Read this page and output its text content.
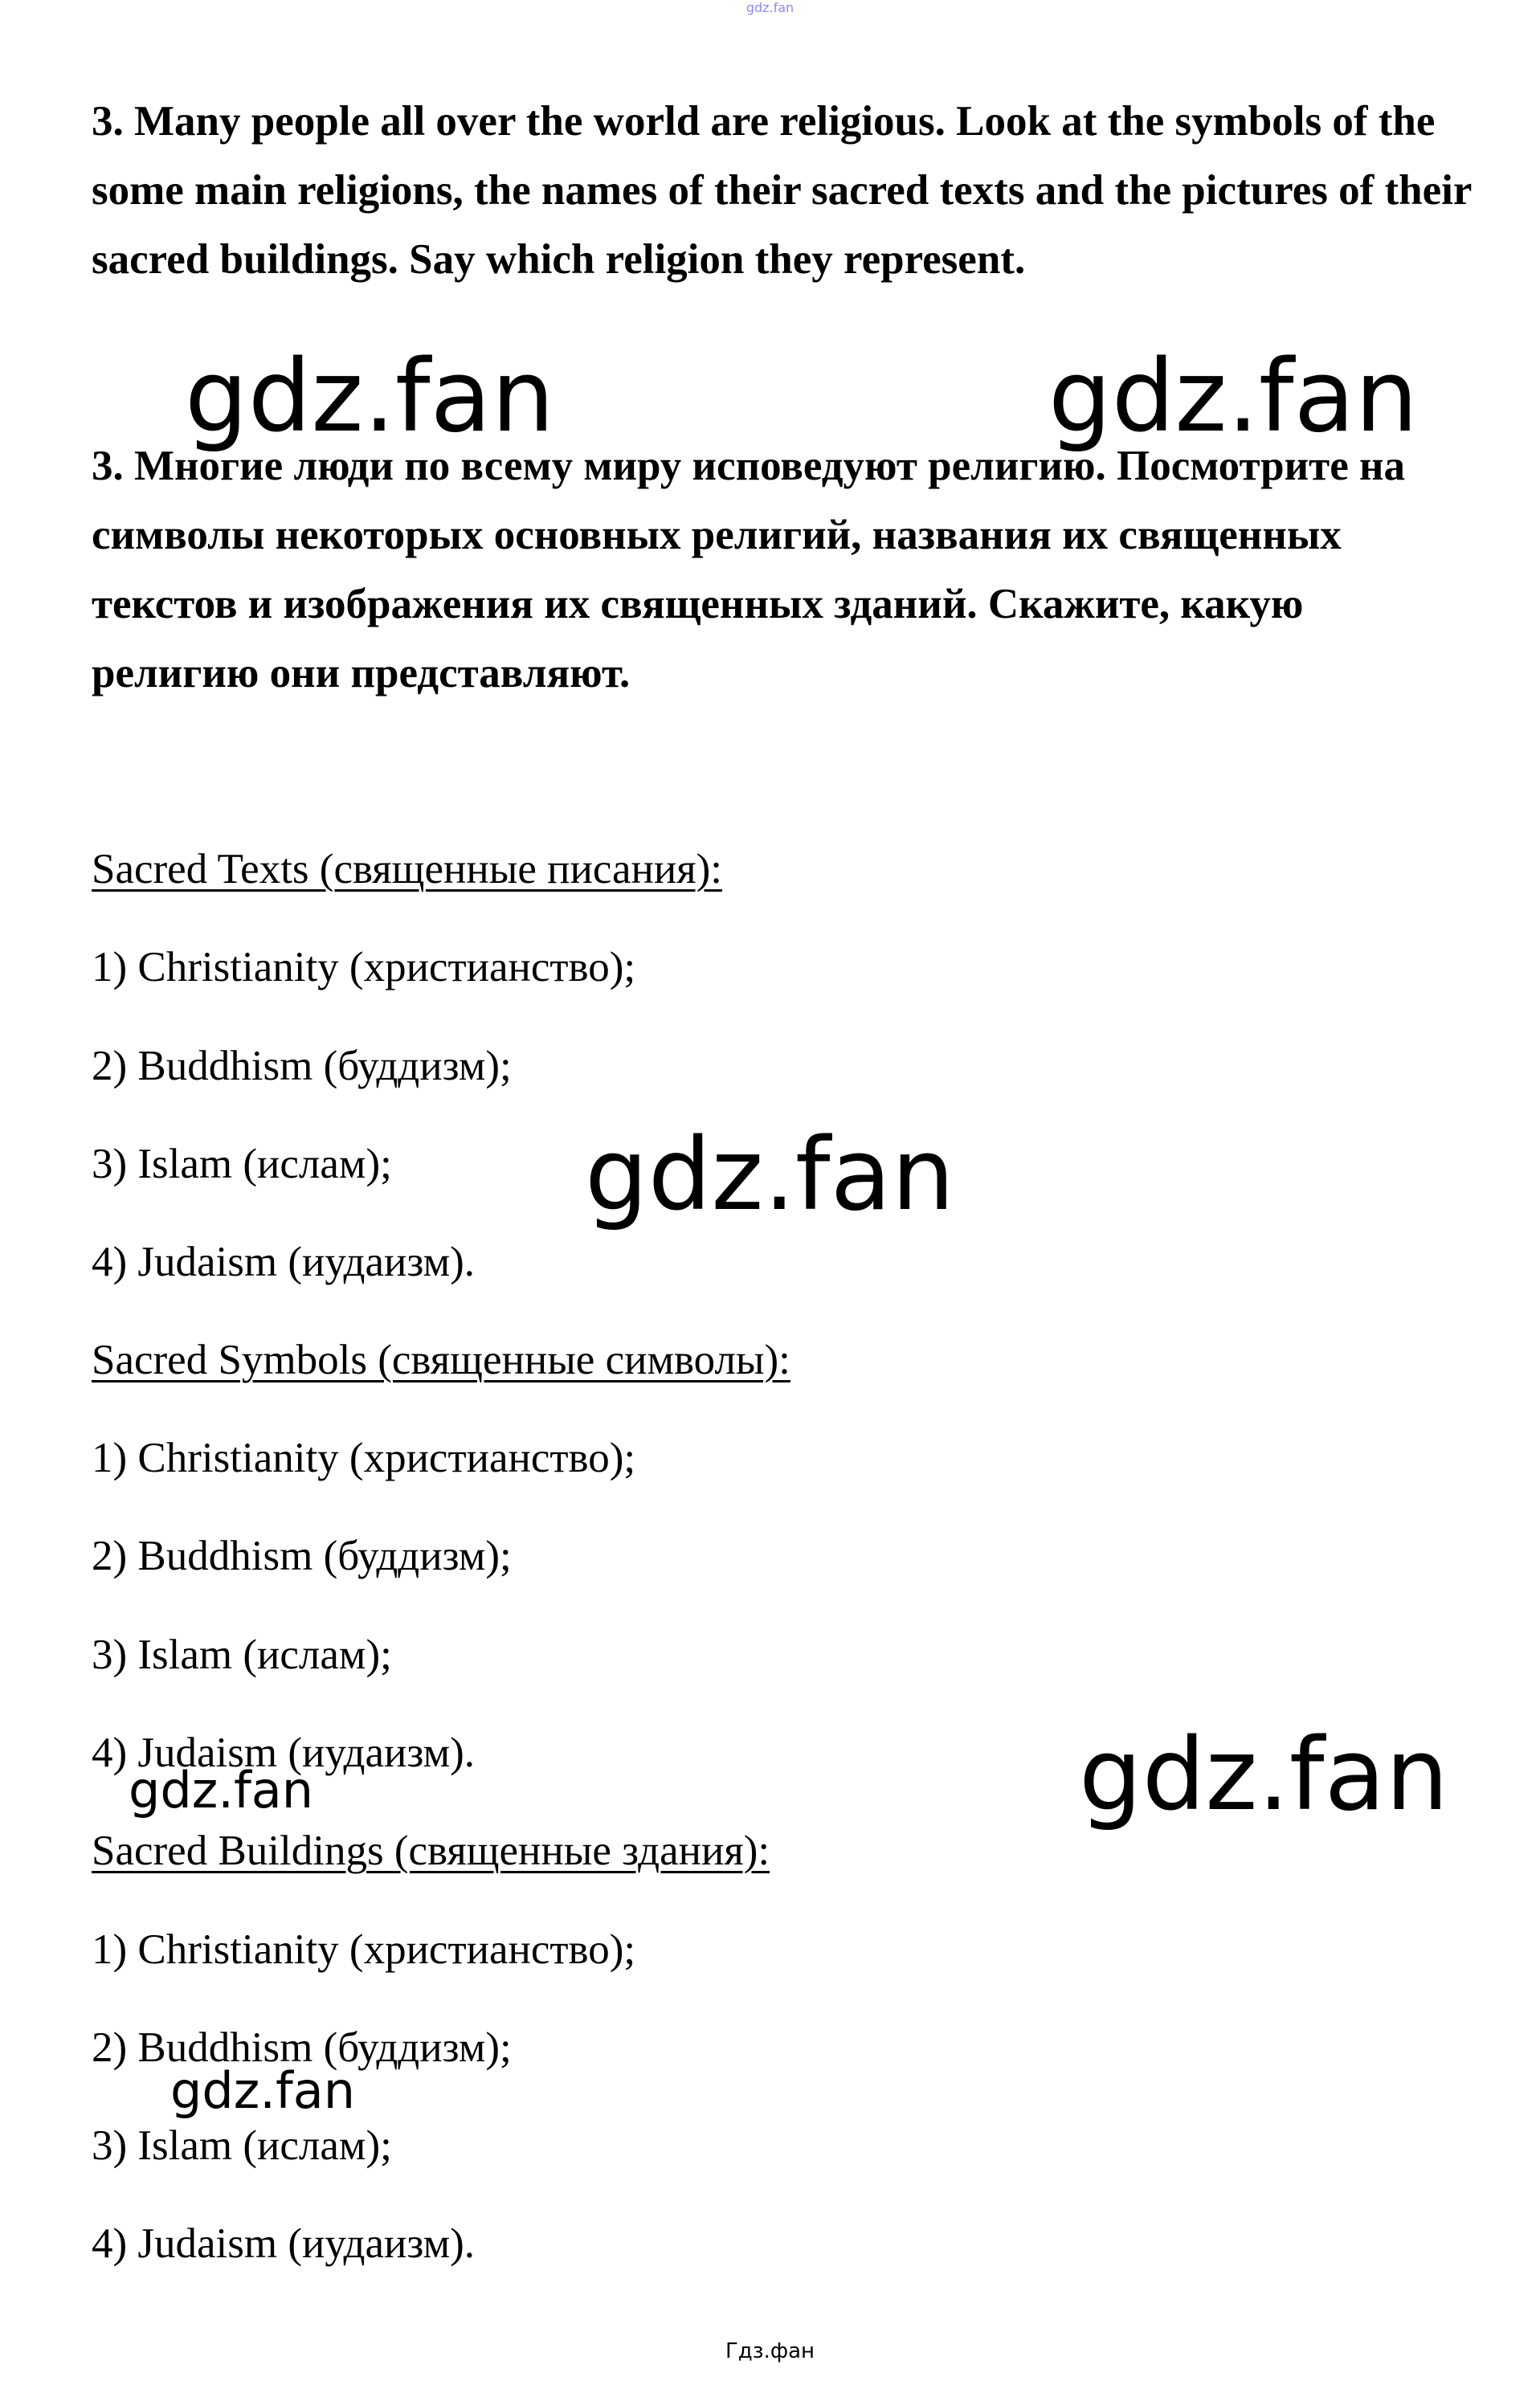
gdz.fan

3. Many people all over the world are religious. Look at the symbols of the some main religions, the names of their sacred texts and the pictures of their sacred buildings. Say which religion they represent.

3. Многие люди по всему миру исповедуют религию. Посмотрите на символы некоторых основных религий, названия их священных текстов и изображения их священных зданий. Скажите, какую религию они представляют.

Sacred Texts (священные писания):

1) Christianity (христианство);

2) Buddhism (буддизм);

3) Islam (ислам);

4) Judaism (иудаизм).

Sacred Symbols (священные символы):

1) Christianity (христианство);

2) Buddhism (буддизм);

3) Islam (ислам);

4) Judaism (иудаизм).

Sacred Buildings (священные здания):

1) Christianity (христианство);

2) Buddhism (буддизм);

3) Islam (ислам);

4) Judaism (иудаизм).

gdz.fan	gdz.fan
gdz.fan
gdz.fan
gdz.fan
gdz.fan
Гдз.фан
